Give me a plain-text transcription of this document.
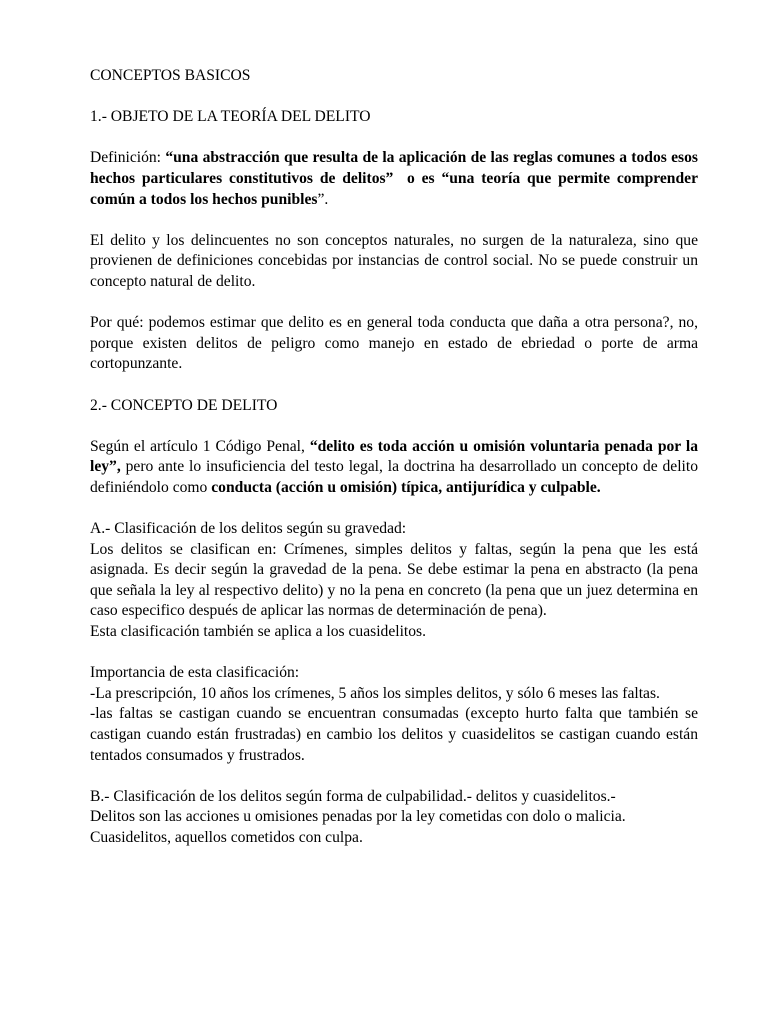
CONCEPTOS BASICOS

1.- OBJETO DE LA TEORÍA DEL DELITO

Definición: “una abstracción que resulta de la aplicación de las reglas comunes a todos esos hechos particulares constitutivos de delitos”  o es “una teoría que permite comprender común a todos los hechos punibles”.

El delito y los delincuentes no son conceptos naturales, no surgen de la naturaleza, sino que provienen de definiciones concebidas por instancias de control social. No se puede construir un concepto natural de delito.

Por qué: podemos estimar que delito es en general toda conducta que daña a otra persona?, no, porque existen delitos de peligro como manejo en estado de ebriedad o porte de arma cortopunzante.

2.- CONCEPTO DE DELITO

Según el artículo 1 Código Penal, “delito es toda acción u omisión voluntaria penada por la ley”, pero ante lo insuficiencia del testo legal, la doctrina ha desarrollado un concepto de delito definiéndolo como conducta (acción u omisión) típica, antijurídica y culpable.

A.- Clasificación de los delitos según su gravedad:

Los delitos se clasifican en: Crímenes, simples delitos y faltas, según la pena que les está asignada. Es decir según la gravedad de la pena. Se debe estimar la pena en abstracto (la pena que señala la ley al respectivo delito) y no la pena en concreto (la pena que un juez determina en caso especifico después de aplicar las normas de determinación de pena).

Esta clasificación también se aplica a los cuasidelitos.

Importancia de esta clasificación:

-La prescripción, 10 años los crímenes, 5 años los simples delitos, y sólo 6 meses las faltas.

-las faltas se castigan cuando se encuentran consumadas (excepto hurto falta que también se castigan cuando están frustradas) en cambio los delitos y cuasidelitos se castigan cuando están tentados consumados y frustrados.

B.- Clasificación de los delitos según forma de culpabilidad.- delitos y cuasidelitos.-

Delitos son las acciones u omisiones penadas por la ley cometidas con dolo o malicia.

Cuasidelitos, aquellos cometidos con culpa.
